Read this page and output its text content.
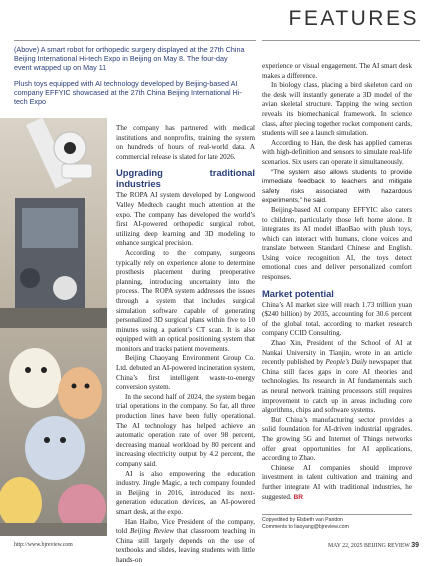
FEATURES

(Above) A smart robot for orthopedic surgery displayed at the 27th China Beijing International Hi-tech Expo in Beijing on May 8. The four-day event wrapped up on May 11

Plush toys equipped with AI technology developed by Beijing-based AI company EFFYIC showcased at the 27th China Beijing International Hi-tech Expo

The company has partnered with medical institutions and nonprofits, training the system on hundreds of hours of real-world data. A commercial release is slated for late 2026.

Upgrading traditional industries

The ROPA AI system developed by Longwood Valley Medtech caught much attention at the expo. The company has developed the world’s first AI-powered orthopedic surgical robot, utilizing deep learning and 3D modeling to enhance surgical precision.

According to the company, surgeons typically rely on experience alone to determine prosthesis placement during preoperative planning, introducing uncertainty into the process. The ROPA system addresses the issues through a system that includes surgical simulation software capable of generating personalized 3D surgical plans within five to 10 minutes using a patient’s CT scan. It is also equipped with an optical positioning system that monitors and tracks patient movements.

Beijing Chaoyang Environment Group Co. Ltd. debuted an AI-powered incineration system, China’s first intelligent waste-to-energy conversion system.

In the second half of 2024, the system began trial operations in the company. So far, all three production lines have been fully operational. The AI technology has helped achieve an automatic operation rate of over 98 percent, decreasing manual workload by 80 percent and increasing electricity output by 4.2 percent, the company said.

AI is also empowering the education industry. Jingle Magic, a tech company founded in Beijing in 2016, introduced its next-generation education devices, an AI-powered smart desk, at the expo.

Han Haibo, Vice President of the company, told Beijing Review that classroom teaching in China still largely depends on the use of textbooks and slides, leaving students with little hands-on

experience or visual engagement. The AI smart desk makes a difference.

In biology class, placing a bird skeleton card on the desk will instantly generate a 3D model of the avian skeletal structure. Tapping the wing section reveals its biomechanical framework. In science class, after piecing together rocket component cards, students will see a launch simulation.

According to Han, the desk has applied cameras with high-definition and sensors to simulate real-life scenarios. Six users can operate it simultaneously.

“The system also allows students to provide immediate feedback to teachers and mitigate safety risks associated with hazardous experiments,” he said.

Beijing-based AI company EFFYIC also caters to children, particularly those left home alone. It integrates its AI model iBaoBao with plush toys, which can interact with humans, clone voices and translate between Standard Chinese and English. Using voice recognition AI, the toys detect emotional cues and deliver personalized comfort responses.

Market potential

China’s AI market size will reach 1.73 trillion yuan ($240 billion) by 2035, accounting for 30.6 percent of the global total, according to market research company CCID Consulting.

Zhao Xin, President of the School of AI at Nankai University in Tianjin, wrote in an article recently published by People’s Daily newspaper that China still faces gaps in core AI theories and technologies. Its research in AI fundamentals such as neural network training processors still requires improvement to catch up in areas including core algorithms, chips and software systems.

But China’s manufacturing sector provides a solid foundation for AI-driven industrial upgrades. The growing 5G and Internet of Things networks offer great opportunities for AI applications, according to Zhao.

Chinese AI companies should improve investment in talent cultivation and training and further integrate AI with traditional industries, he suggested. BR

Copyedited by Elsbeth van Paridon
Comments to liaoyang@bjreview.com
http://www.bjreview.com	MAY 22, 2025 BEIJING REVIEW 39
